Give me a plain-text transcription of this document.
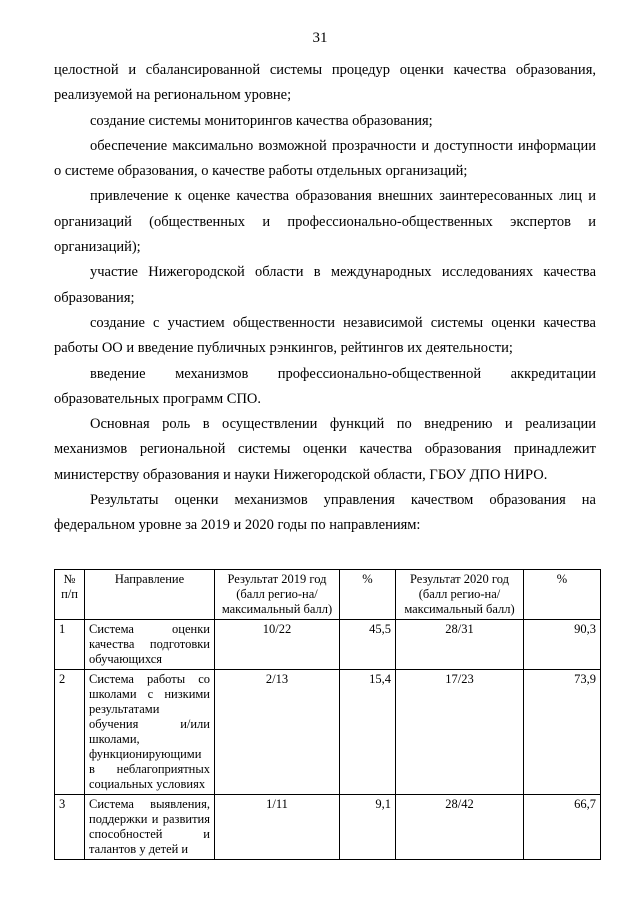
31

целостной и сбалансированной системы процедур оценки качества образования, реализуемой на региональном уровне;

создание системы мониторингов качества образования;

обеспечение максимально возможной прозрачности и доступности информации о системе образования, о качестве работы отдельных организаций;

привлечение к оценке качества образования внешних заинтересованных лиц и организаций (общественных и профессионально-общественных экспертов и организаций);

участие Нижегородской области в международных исследованиях качества образования;

создание с участием общественности независимой системы оценки качества работы ОО и введение публичных рэнкингов, рейтингов их деятельности;

введение механизмов профессионально-общественной аккредитации образовательных программ СПО.

Основная роль в осуществлении функций по внедрению и реализации механизмов региональной системы оценки качества образования принадлежит министерству образования и науки Нижегородской области, ГБОУ ДПО НИРО.

Результаты оценки механизмов управления качеством образования на федеральном уровне за 2019 и 2020 годы по направлениям:

№ п/п	Направление	Результат 2019 год (балл регио-на/максимальный балл)	%	Результат 2020 год (балл регио-на/максимальный балл)	%
1	Система оценки качества подготовки обучающихся	10/22	45,5	28/31	90,3
2	Система работы со школами с низкими результатами обучения и/или школами, функционирующими в неблагоприятных социальных условиях	2/13	15,4	17/23	73,9
3	Система выявления, поддержки и развития способностей и талантов у детей и	1/11	9,1	28/42	66,7
